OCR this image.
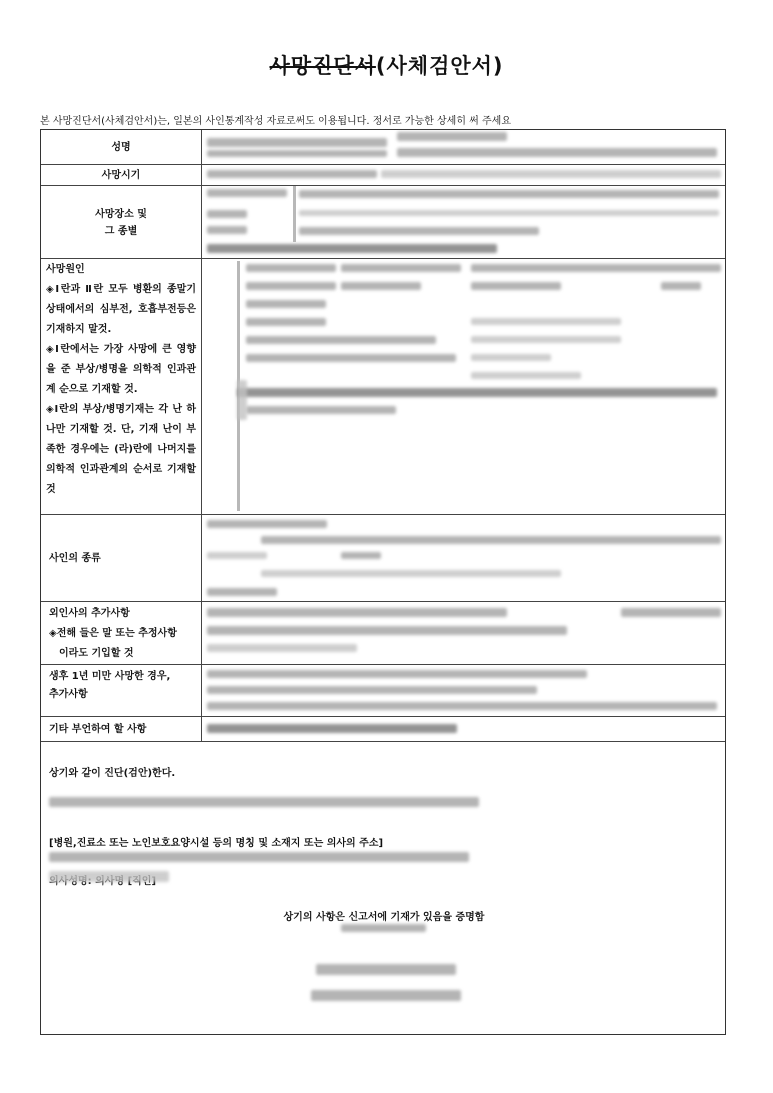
사망진단서(사체검안서)
본 사망진단서(사체검안서)는, 일본의 사인통계작성 자료로써도 이용됩니다. 정서로 가능한 상세히 써 주세요
성명
사망시기
사망장소 및
그 종별

사망원인

◈Ⅰ란과 Ⅱ란 모두 병환의 종말기 상태에서의 심부전, 호흡부전등은 기재하지 말것.

◈Ⅰ란에서는 가장 사망에 큰 영향을 준 부상/병명을 의학적 인과관계 순으로 기재할 것.

◈Ⅰ란의 부상/병명기재는 각 난 하나만 기재할 것. 단, 기재 난이 부족한 경우에는 (라)란에 나머지를 의학적 인과관계의 순서로 기재할 것

사인의 종류
외인사의 추가사항
◈전해 들은 말 또는 추정사항
이라도 기입할 것
생후 1년 미만 사망한 경우,
추가사항
기타 부언하여 할 사항
상기와 같이 진단(검안)한다.
[병원,진료소 또는 노인보호요양시설 등의 명칭 및 소재지 또는 의사의 주소]
상기의 사항은 신고서에 기재가 있음을 증명함
